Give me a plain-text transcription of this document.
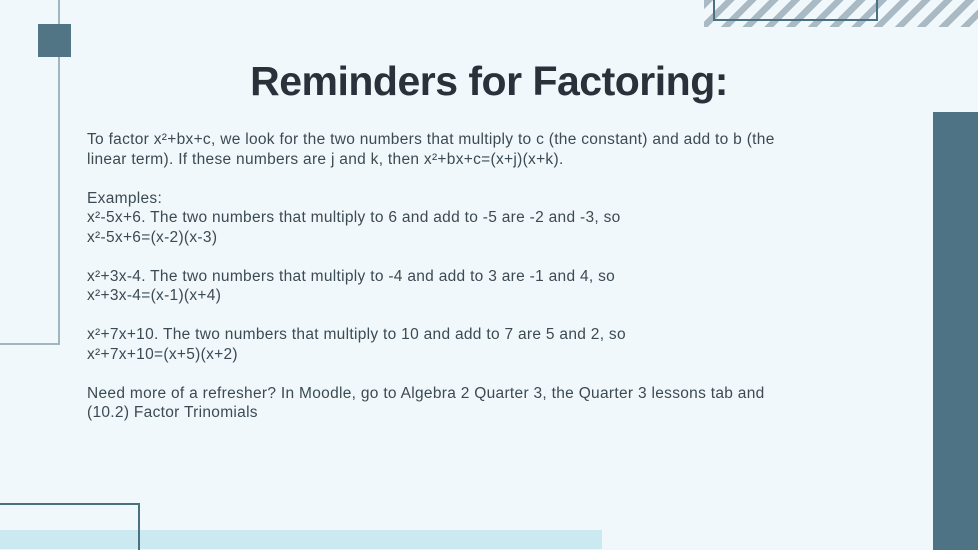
Reminders for Factoring:
To factor x²+bx+c, we look for the two numbers that multiply to c (the constant) and add to b (the
linear term). If these numbers are j and k, then x²+bx+c=(x+j)(x+k).

Examples:
x²-5x+6. The two numbers that multiply to 6 and add to -5 are -2 and -3, so
x²-5x+6=(x-2)(x-3)

x²+3x-4. The two numbers that multiply to -4 and add to 3 are -1 and 4, so
x²+3x-4=(x-1)(x+4)

x²+7x+10. The two numbers that multiply to 10 and add to 7 are 5 and 2, so
x²+7x+10=(x+5)(x+2)

Need more of a refresher? In Moodle, go to Algebra 2 Quarter 3, the Quarter 3 lessons tab and
(10.2) Factor Trinomials
